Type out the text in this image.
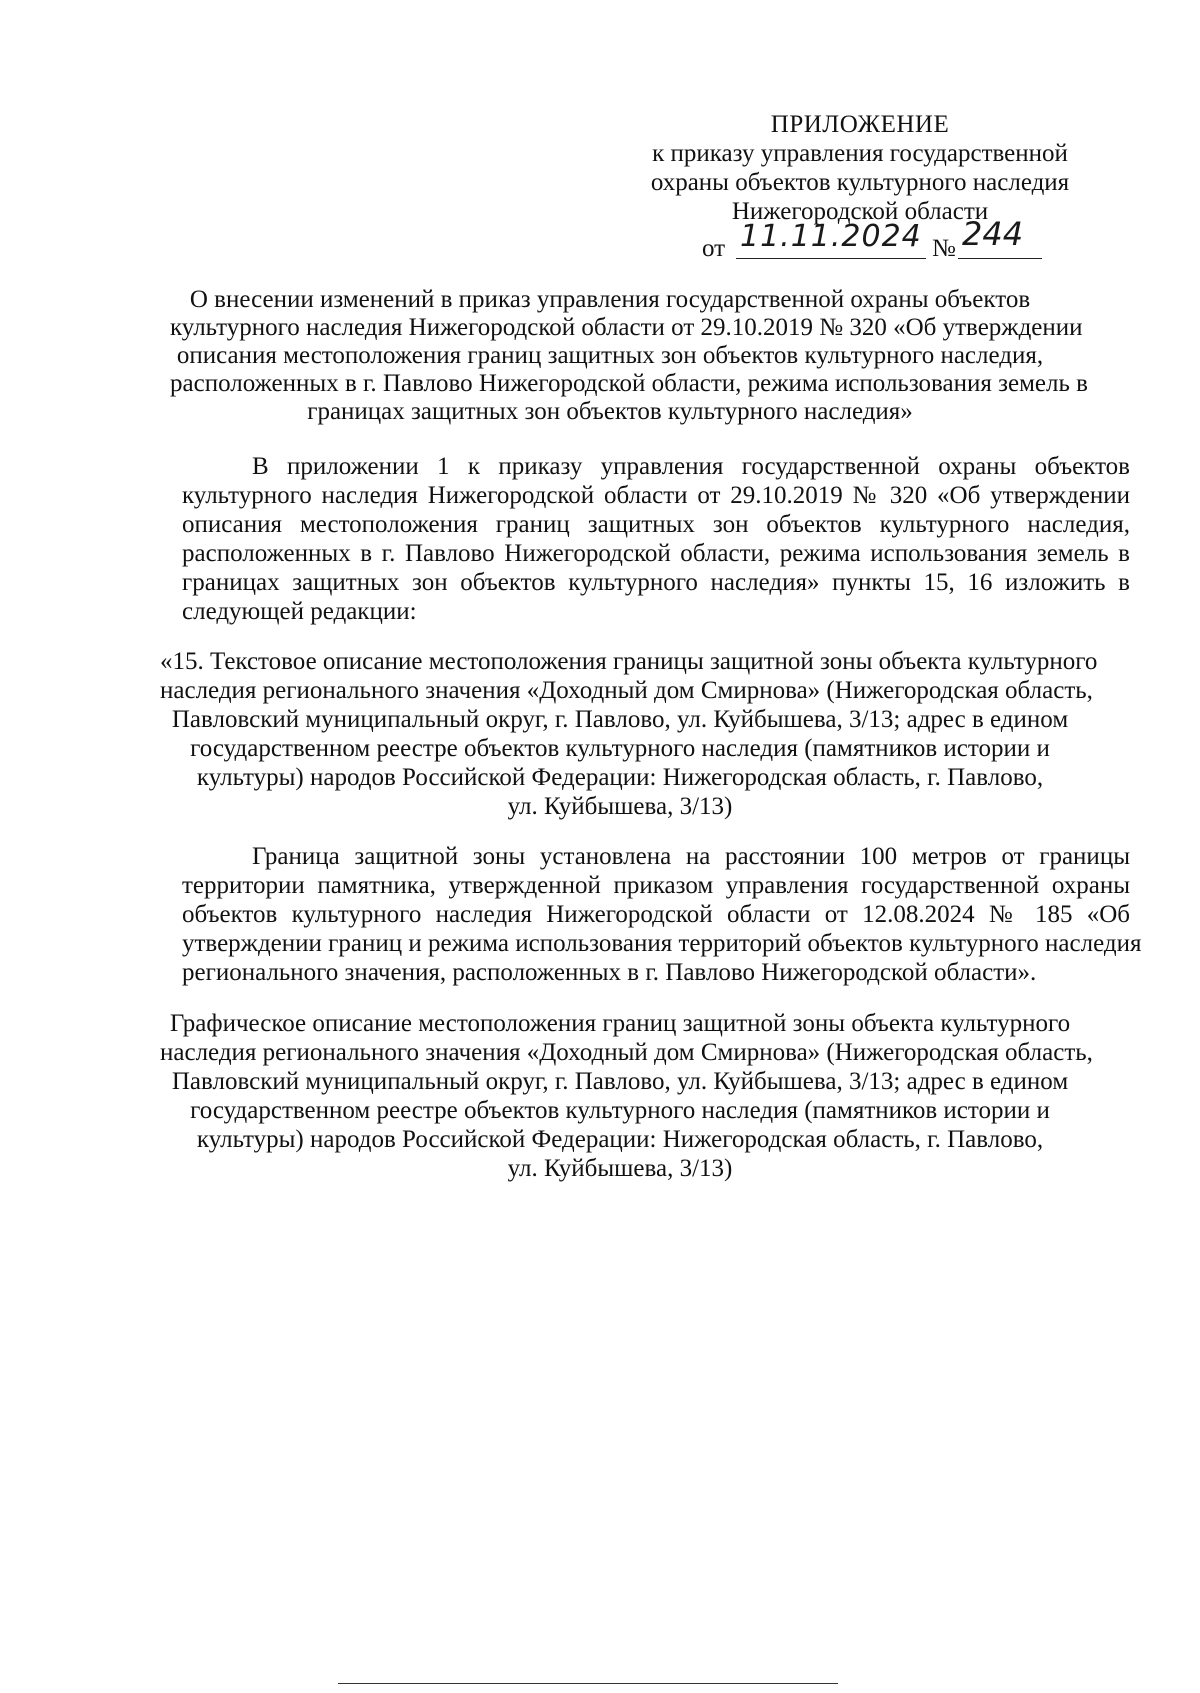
ПРИЛОЖЕНИЕ
к приказу управления государственной
охраны объектов культурного наследия
Нижегородской области
от 11.11.2024 № 244
О внесении изменений в приказ управления государственной охраны объектов
культурного наследия Нижегородской области от 29.10.2019 № 320 «Об утверждении
описания местоположения границ защитных зон объектов культурного наследия,
расположенных в г. Павлово Нижегородской области, режима использования земель в
границах защитных зон объектов культурного наследия»
В приложении 1 к приказу управления государственной охраны объектов
культурного наследия Нижегородской области от 29.10.2019 № 320 «Об утверждении
описания местоположения границ защитных зон объектов культурного наследия,
расположенных в г. Павлово Нижегородской области, режима использования земель в
границах защитных зон объектов культурного наследия» пункты 15, 16 изложить в
следующей редакции:
«15. Текстовое описание местоположения границы защитной зоны объекта культурного
наследия регионального значения «Доходный дом Смирнова» (Нижегородская область,
Павловский муниципальный округ, г. Павлово, ул. Куйбышева, 3/13; адрес в едином
государственном реестре объектов культурного наследия (памятников истории и
культуры) народов Российской Федерации: Нижегородская область, г. Павлово,
ул. Куйбышева, 3/13)
Граница защитной зоны установлена на расстоянии 100 метров от границы
территории памятника, утвержденной приказом управления государственной охраны
объектов культурного наследия Нижегородской области от 12.08.2024 № 185 «Об
утверждении границ и режима использования территорий объектов культурного наследия
регионального значения, расположенных в г. Павлово Нижегородской области».
Графическое описание местоположения границ защитной зоны объекта культурного
наследия регионального значения «Доходный дом Смирнова» (Нижегородская область,
Павловский муниципальный округ, г. Павлово, ул. Куйбышева, 3/13; адрес в едином
государственном реестре объектов культурного наследия (памятников истории и
культуры) народов Российской Федерации: Нижегородская область, г. Павлово,
ул. Куйбышева, 3/13)
